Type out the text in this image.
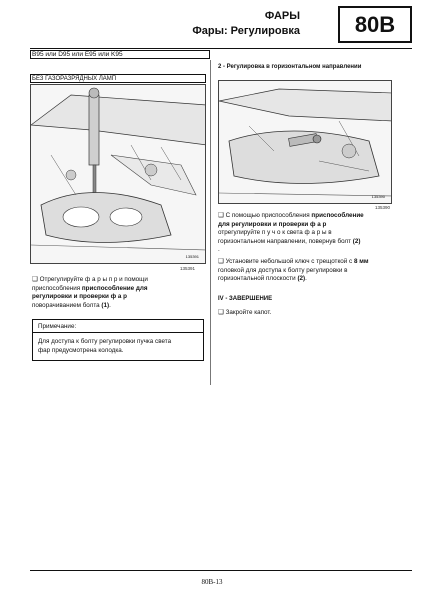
ФАРЫ
Фары: Регулировка	80B
B95 или D95 или E95 или K95
БЕЗ ГАЗОРАЗРЯДНЫХ ЛАМП
135391
135391
❑ Отрегулируйте ф а р ы п р и помощи
приспособления приспособление для
регулировки и проверки ф а р
поворачиванием болта (1).
Примечание:
Для доступа к болту регулировки пучка света
фар предусмотрена колодка.
2 - Регулировка в горизонтальном направлении
135390
135390
❑ С помощью приспособления приспособление
для регулировки и проверки ф а р
отрегулируйте п у ч о к света ф а р ы в
горизонтальном направлении, повернув болт (2)
.
❑ Установите небольшой ключ с трещоткой с 8 мм
головкой для доступа к болту регулировки в
горизонтальной плоскости (2).
IV - ЗАВЕРШЕНИЕ
❑ Закройте капот.
80B-13
